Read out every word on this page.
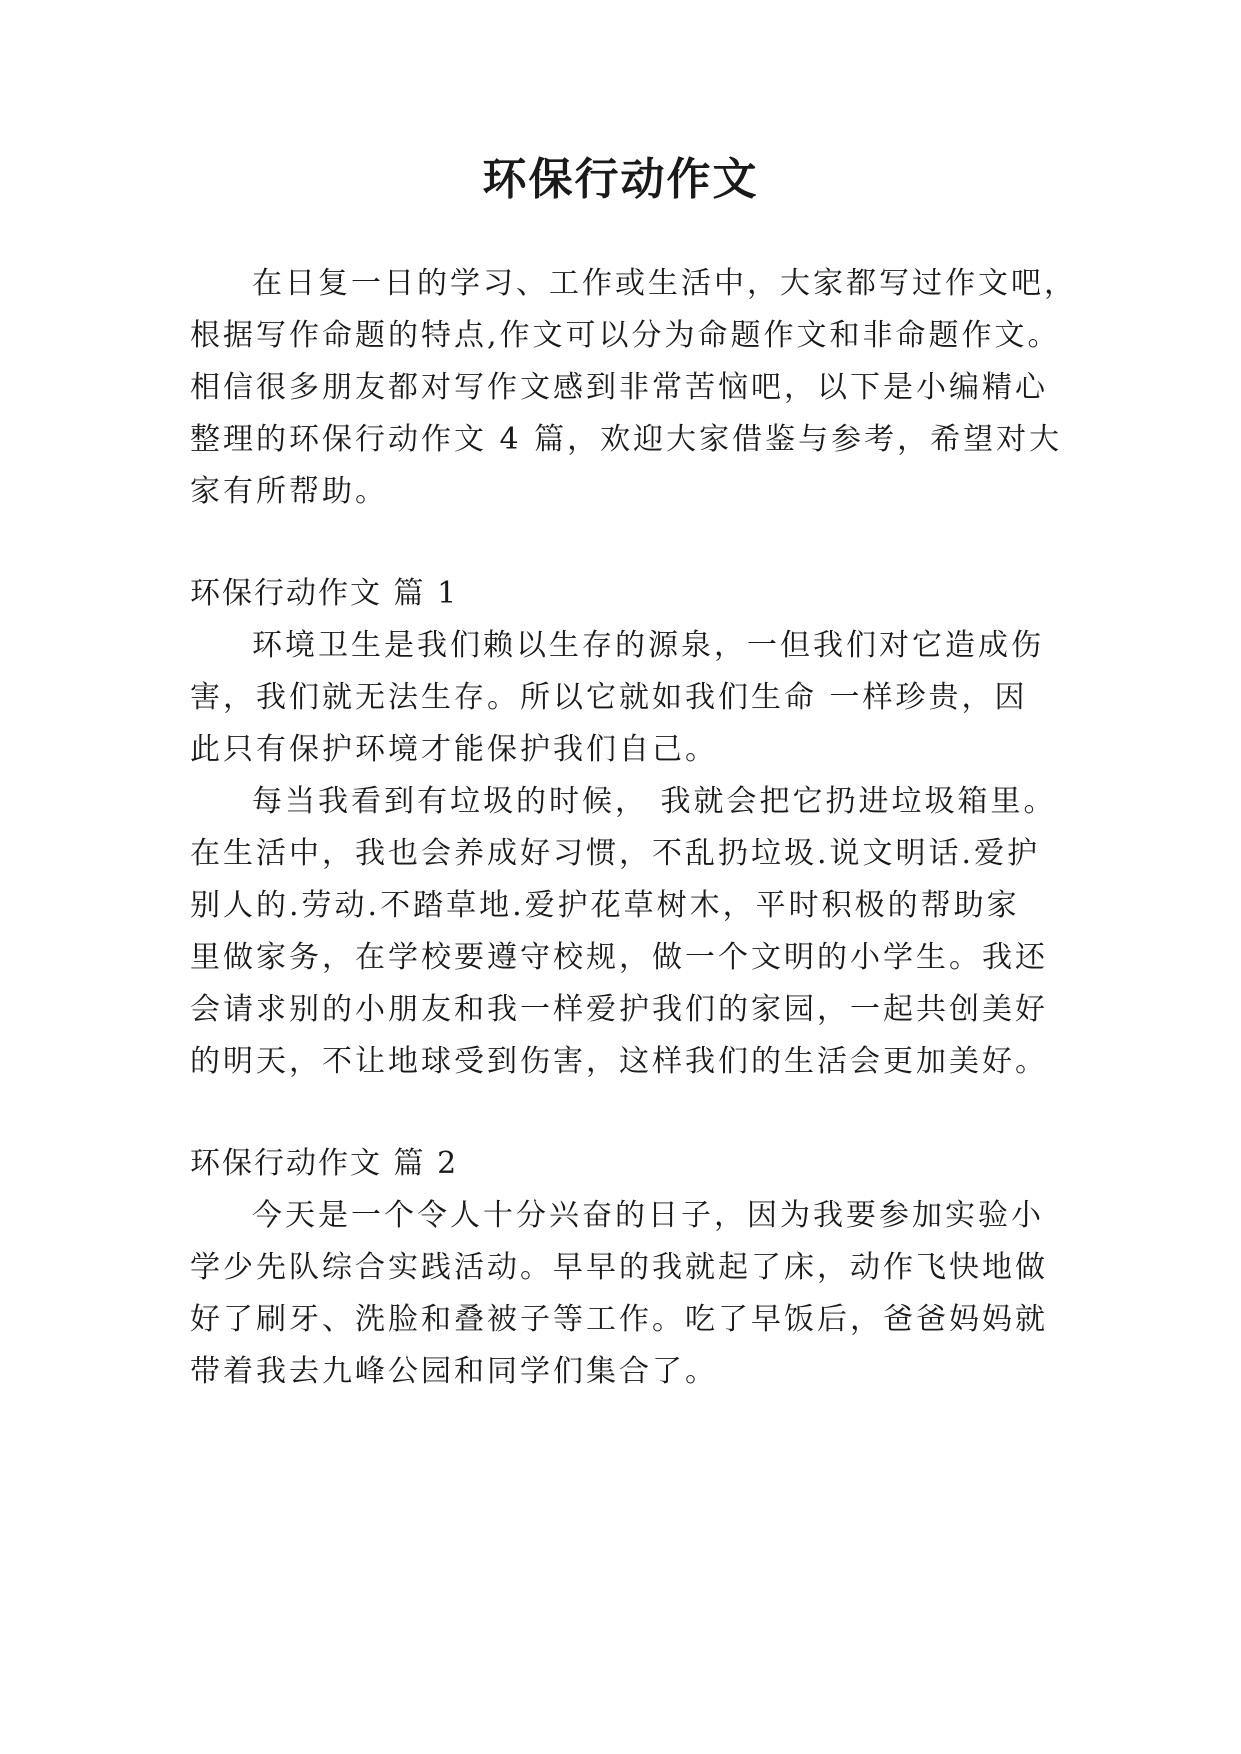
环保行动作文
在日复一日的学习、工作或生活中，大家都写过作文吧，
根据写作命题的特点,作文可以分为命题作文和非命题作文。
相信很多朋友都对写作文感到非常苦恼吧，以下是小编精心
整理的环保行动作文 4 篇，欢迎大家借鉴与参考，希望对大
家有所帮助。
环保行动作文 篇 1
环境卫生是我们赖以生存的源泉，一但我们对它造成伤
害，我们就无法生存。所以它就如我们生命 一样珍贵，因
此只有保护环境才能保护我们自己。
每当我看到有垃圾的时候， 我就会把它扔进垃圾箱里。
在生活中，我也会养成好习惯，不乱扔垃圾.说文明话.爱护
别人的.劳动.不踏草地.爱护花草树木，平时积极的帮助家
里做家务，在学校要遵守校规，做一个文明的小学生。我还
会请求别的小朋友和我一样爱护我们的家园，一起共创美好
的明天，不让地球受到伤害，这样我们的生活会更加美好。
环保行动作文 篇 2
今天是一个令人十分兴奋的日子，因为我要参加实验小
学少先队综合实践活动。早早的我就起了床，动作飞快地做
好了刷牙、洗脸和叠被子等工作。吃了早饭后，爸爸妈妈就
带着我去九峰公园和同学们集合了。
